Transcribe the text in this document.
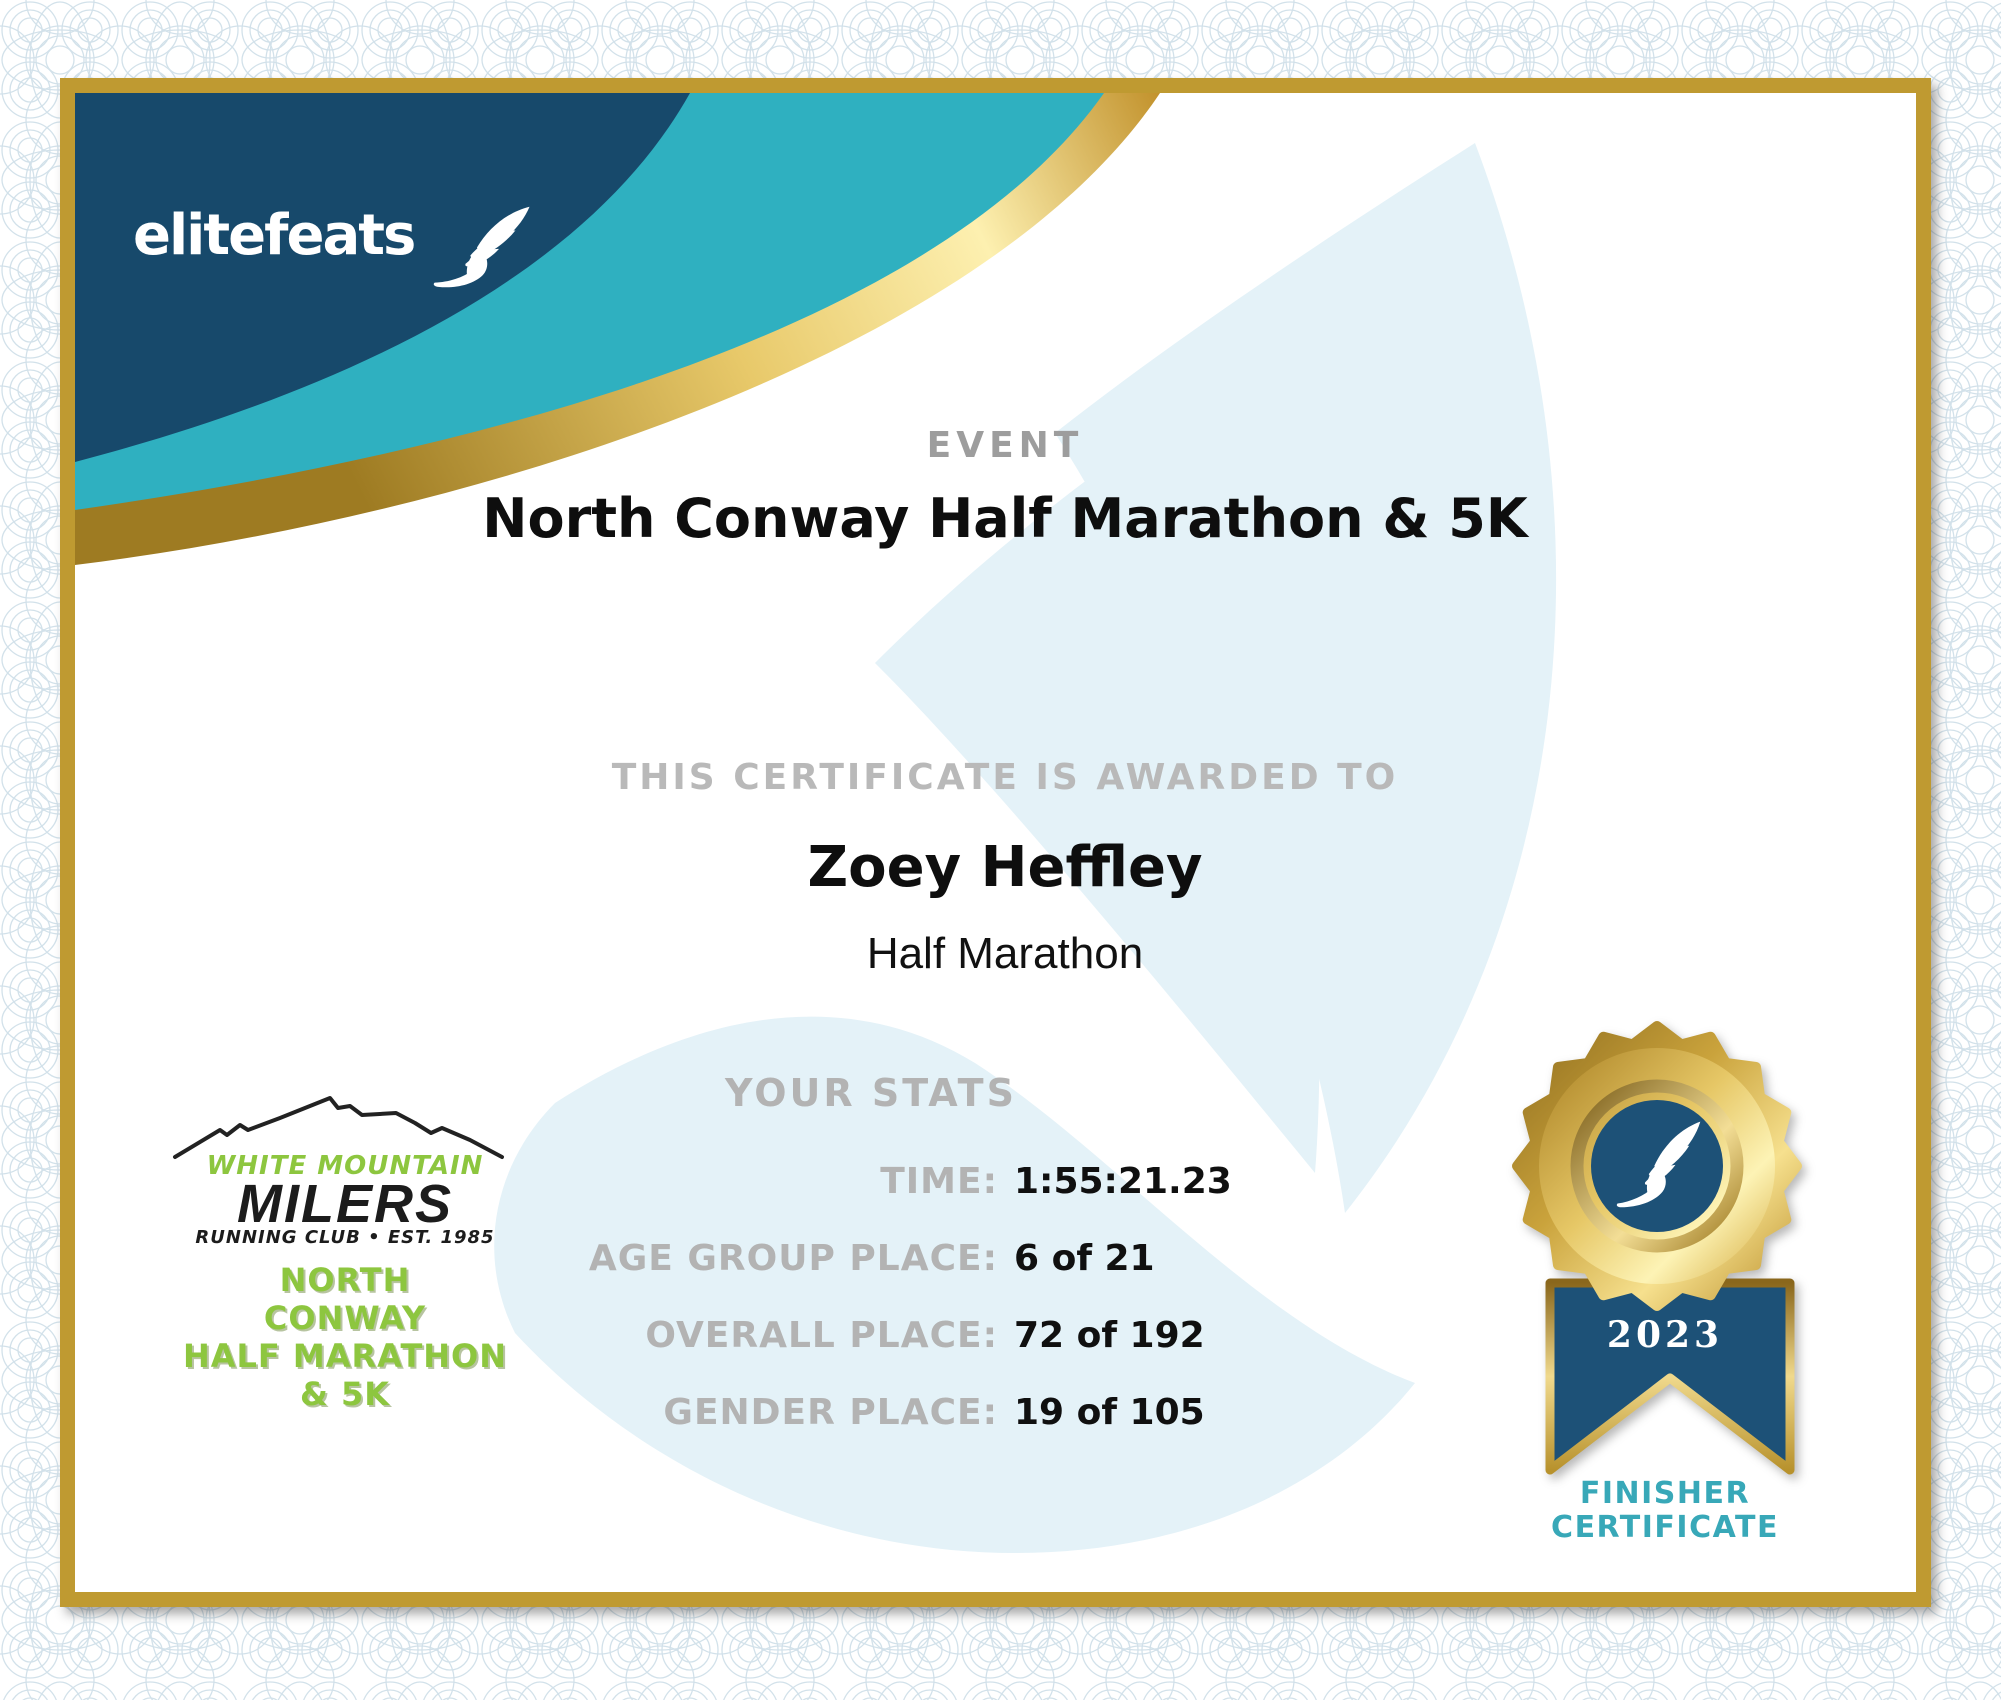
elitefeats
EVENT
North Conway Half Marathon & 5K
THIS CERTIFICATE IS AWARDED TO
Zoey Heffley
Half Marathon
YOUR STATS
TIME: 1:55:21.23
AGE GROUP PLACE: 6 of 21
OVERALL PLACE: 72 of 192
GENDER PLACE: 19 of 105
WHITE MOUNTAIN
MILERS
RUNNING CLUB • EST. 1985
NORTH
CONWAY
HALF MARATHON
& 5K
2023
FINISHER
CERTIFICATE
